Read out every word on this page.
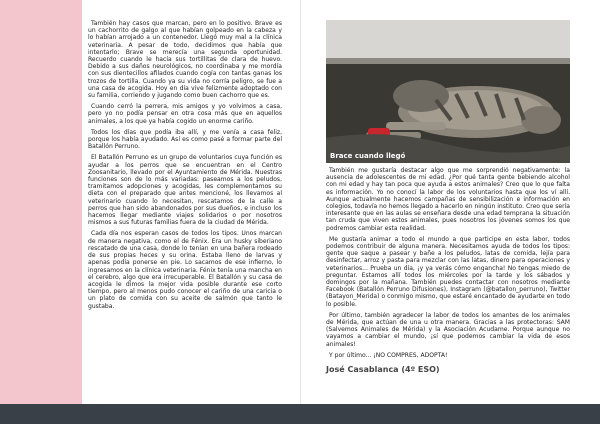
También hay casos que marcan, pero en lo positivo. Brave es un cachorrito de galgo al que habían golpeado en la cabeza y lo habían arrojado a un contenedor. Llegó muy mal a la clínica veterinaria. A pesar de todo, decidimos que había que intentarlo; Brave se merecía una segunda oportunidad. Recuerdo cuando le hacía sus tortillitas de clara de huevo. Debido a sus daños neurológicos, no coordinaba y me mordía con sus dientecillos afilados cuando cogía con tantas ganas los trozos de tortilla. Cuando ya su vida no corría peligro, se fue a una casa de acogida. Hoy en día vive felizmente adoptado con su familia, corriendo y jugando como buen cachorro que es.

Cuando cerró la perrera, mis amigos y yo volvimos a casa, pero yo no podía pensar en otra cosa más que en aquellos animales, a los que ya había cogido un enorme cariño.

Todos los días que podía iba allí, y me venía a casa feliz, porque los había ayudado. Así es como pasé a formar parte del Batallón Perruno.

El Batallón Perruno es un grupo de voluntarios cuya función es ayudar a los perros que se encuentran en el Centro Zoosanitario, llevado por el Ayuntamiento de Mérida. Nuestras funciones son de lo más variadas: paseamos a los peludos, tramitamos adopciones y acogidas, les complementamos su dieta con el preparado que antes mencioné, los llevamos al veterinario cuando lo necesitan, rescatamos de la calle a perros que han sido abandonados por sus dueños, e incluso los hacemos llegar mediante viajes solidarios o por nosotros mismos a sus futuras familias fuera de la ciudad de Mérida.

Cada día nos esperan casos de todos los tipos. Unos marcan de manera negativa, como el de Fénix. Era un husky siberiano rescatado de una casa, donde lo tenían en una bañera rodeado de sus propias heces y su orina. Estaba lleno de larvas y apenas podía ponerse en pie. Lo sacamos de ese infierno, lo ingresamos en la clínica veterinaria. Fénix tenía una mancha en el cerebro, algo que era irrecuperable. El Batallón y su casa de acogida le dimos la mejor vida posible durante ese corto tiempo, pero al menos pudo conocer el cariño de una caricia o un plato de comida con su aceite de salmón que tanto le gustaba.

Brace cuando llegó

También me gustaría destacar algo que me sorprendió negativamente: la ausencia de adolescentes de mi edad. ¿Por qué tanta gente bebiendo alcohol con mi edad y hay tan poca que ayuda a estos animales? Creo que lo que falta es información. Yo no conocí la labor de los voluntarios hasta que los ví allí. Aunque actualmente hacemos campañas de sensibilización e información en colegios, todavía no hemos llegado a hacerlo en ningún instituto. Creo que sería interesante que en las aulas se enseñara desde una edad temprana la situación tan cruda que viven estos animales, pues nosotros los jóvenes somos los que podremos cambiar esta realidad.

Me gustaría animar a todo el mundo a que participe en esta labor, todos podemos contribuir de alguna manera. Necesitamos ayuda de todos los tipos: gente que saque a pasear y bañe a los peludos, latas de comida, lejía para desinfectar, arroz y pasta para mezclar con las latas, dinero para operaciones y veterinarios... Prueba un día, ¡y ya verás cómo engancha! No tengas miedo de preguntar. Estamos allí todos los miércoles por la tarde y los sábados y domingos por la mañana. También puedes contactar con nosotros mediante Facebook (Batallón Perruno Difusiones), Instagram (@batallon_perruno), Twitter (Batayon_Merida) o conmigo mismo, que estaré encantado de ayudarte en todo lo posible.

Por último, también agradecer la labor de todos los amantes de los animales de Mérida, que actúan de una u otra manera. Gracias a las protectoras: SAM (Salvemos Animales de Mérida) y la Asociación Acudame. Porque aunque no vayamos a cambiar el mundo, ¡sí que podemos cambiar la vida de esos animales!

Y por último... ¡NO COMPRES, ADOPTA!

José Casablanca (4º ESO)
